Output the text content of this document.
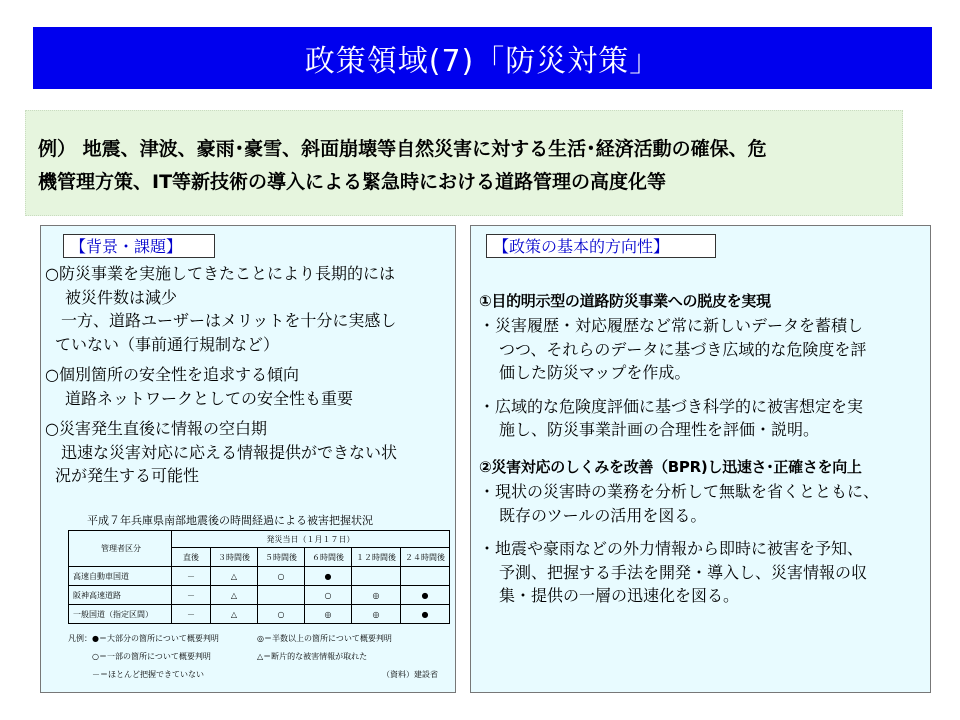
政策領域(7)「防災対策」
例） 地震、津波、豪雨･豪雪、斜面崩壊等自然災害に対する生活･経済活動の確保、危
機管理方策、IT等新技術の導入による緊急時における道路管理の高度化等
【背景・課題】
○防災事業を実施してきたことにより長期的には
被災件数は減少
一方、道路ユーザーはメリットを十分に実感し
ていない（事前通行規制など）
○個別箇所の安全性を追求する傾向
道路ネットワークとしての安全性も重要
○災害発生直後に情報の空白期
迅速な災害対応に応える情報提供ができない状
況が発生する可能性
平成７年兵庫県南部地震後の時間経過による被害把握状況
管理者区分	発災当日（１月１７日）					
	直後	３時間後	５時間後	６時間後	１２時間後	２４時間後
高速自動車国道	－	△	○	●		
阪神高速道路	－	△		○	◎	●
一般国道（指定区間）	－	△	○	◎	◎	●
凡例： ●＝大部分の箇所について概要判明	◎＝半数以上の箇所について概要判明
○＝一部の箇所について概要判明	△＝断片的な被害情報が取れた
－＝ほとんど把握できていない	（資料）建設省
【政策の基本的方向性】
①目的明示型の道路防災事業への脱皮を実現
・災害履歴・対応履歴など常に新しいデータを蓄積し
つつ、それらのデータに基づき広域的な危険度を評
価した防災マップを作成。
・広域的な危険度評価に基づき科学的に被害想定を実
施し、防災事業計画の合理性を評価・説明。
②災害対応のしくみを改善（BPR)し迅速さ･正確さを向上
・現状の災害時の業務を分析して無駄を省くとともに、
既存のツールの活用を図る。
・地震や豪雨などの外力情報から即時に被害を予知、
予測、把握する手法を開発・導入し、災害情報の収
集・提供の一層の迅速化を図る。
